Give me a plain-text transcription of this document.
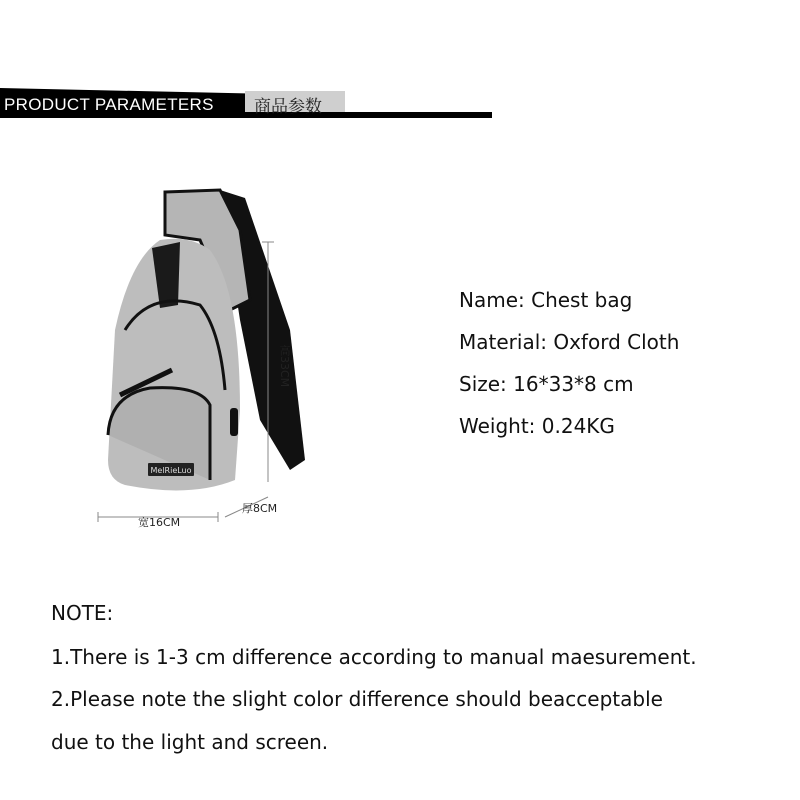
PRODUCT PARAMETERS 商品参数
MelRieLuo
高33CM
宽16CM
厚8CM
Name: Chest bag
Material: Oxford Cloth
Size: 16*33*8 cm
Weight: 0.24KG
NOTE:
1.There is 1-3 cm difference according to manual maesurement.
2.Please note the slight color difference should beacceptable
due to the light and screen.
